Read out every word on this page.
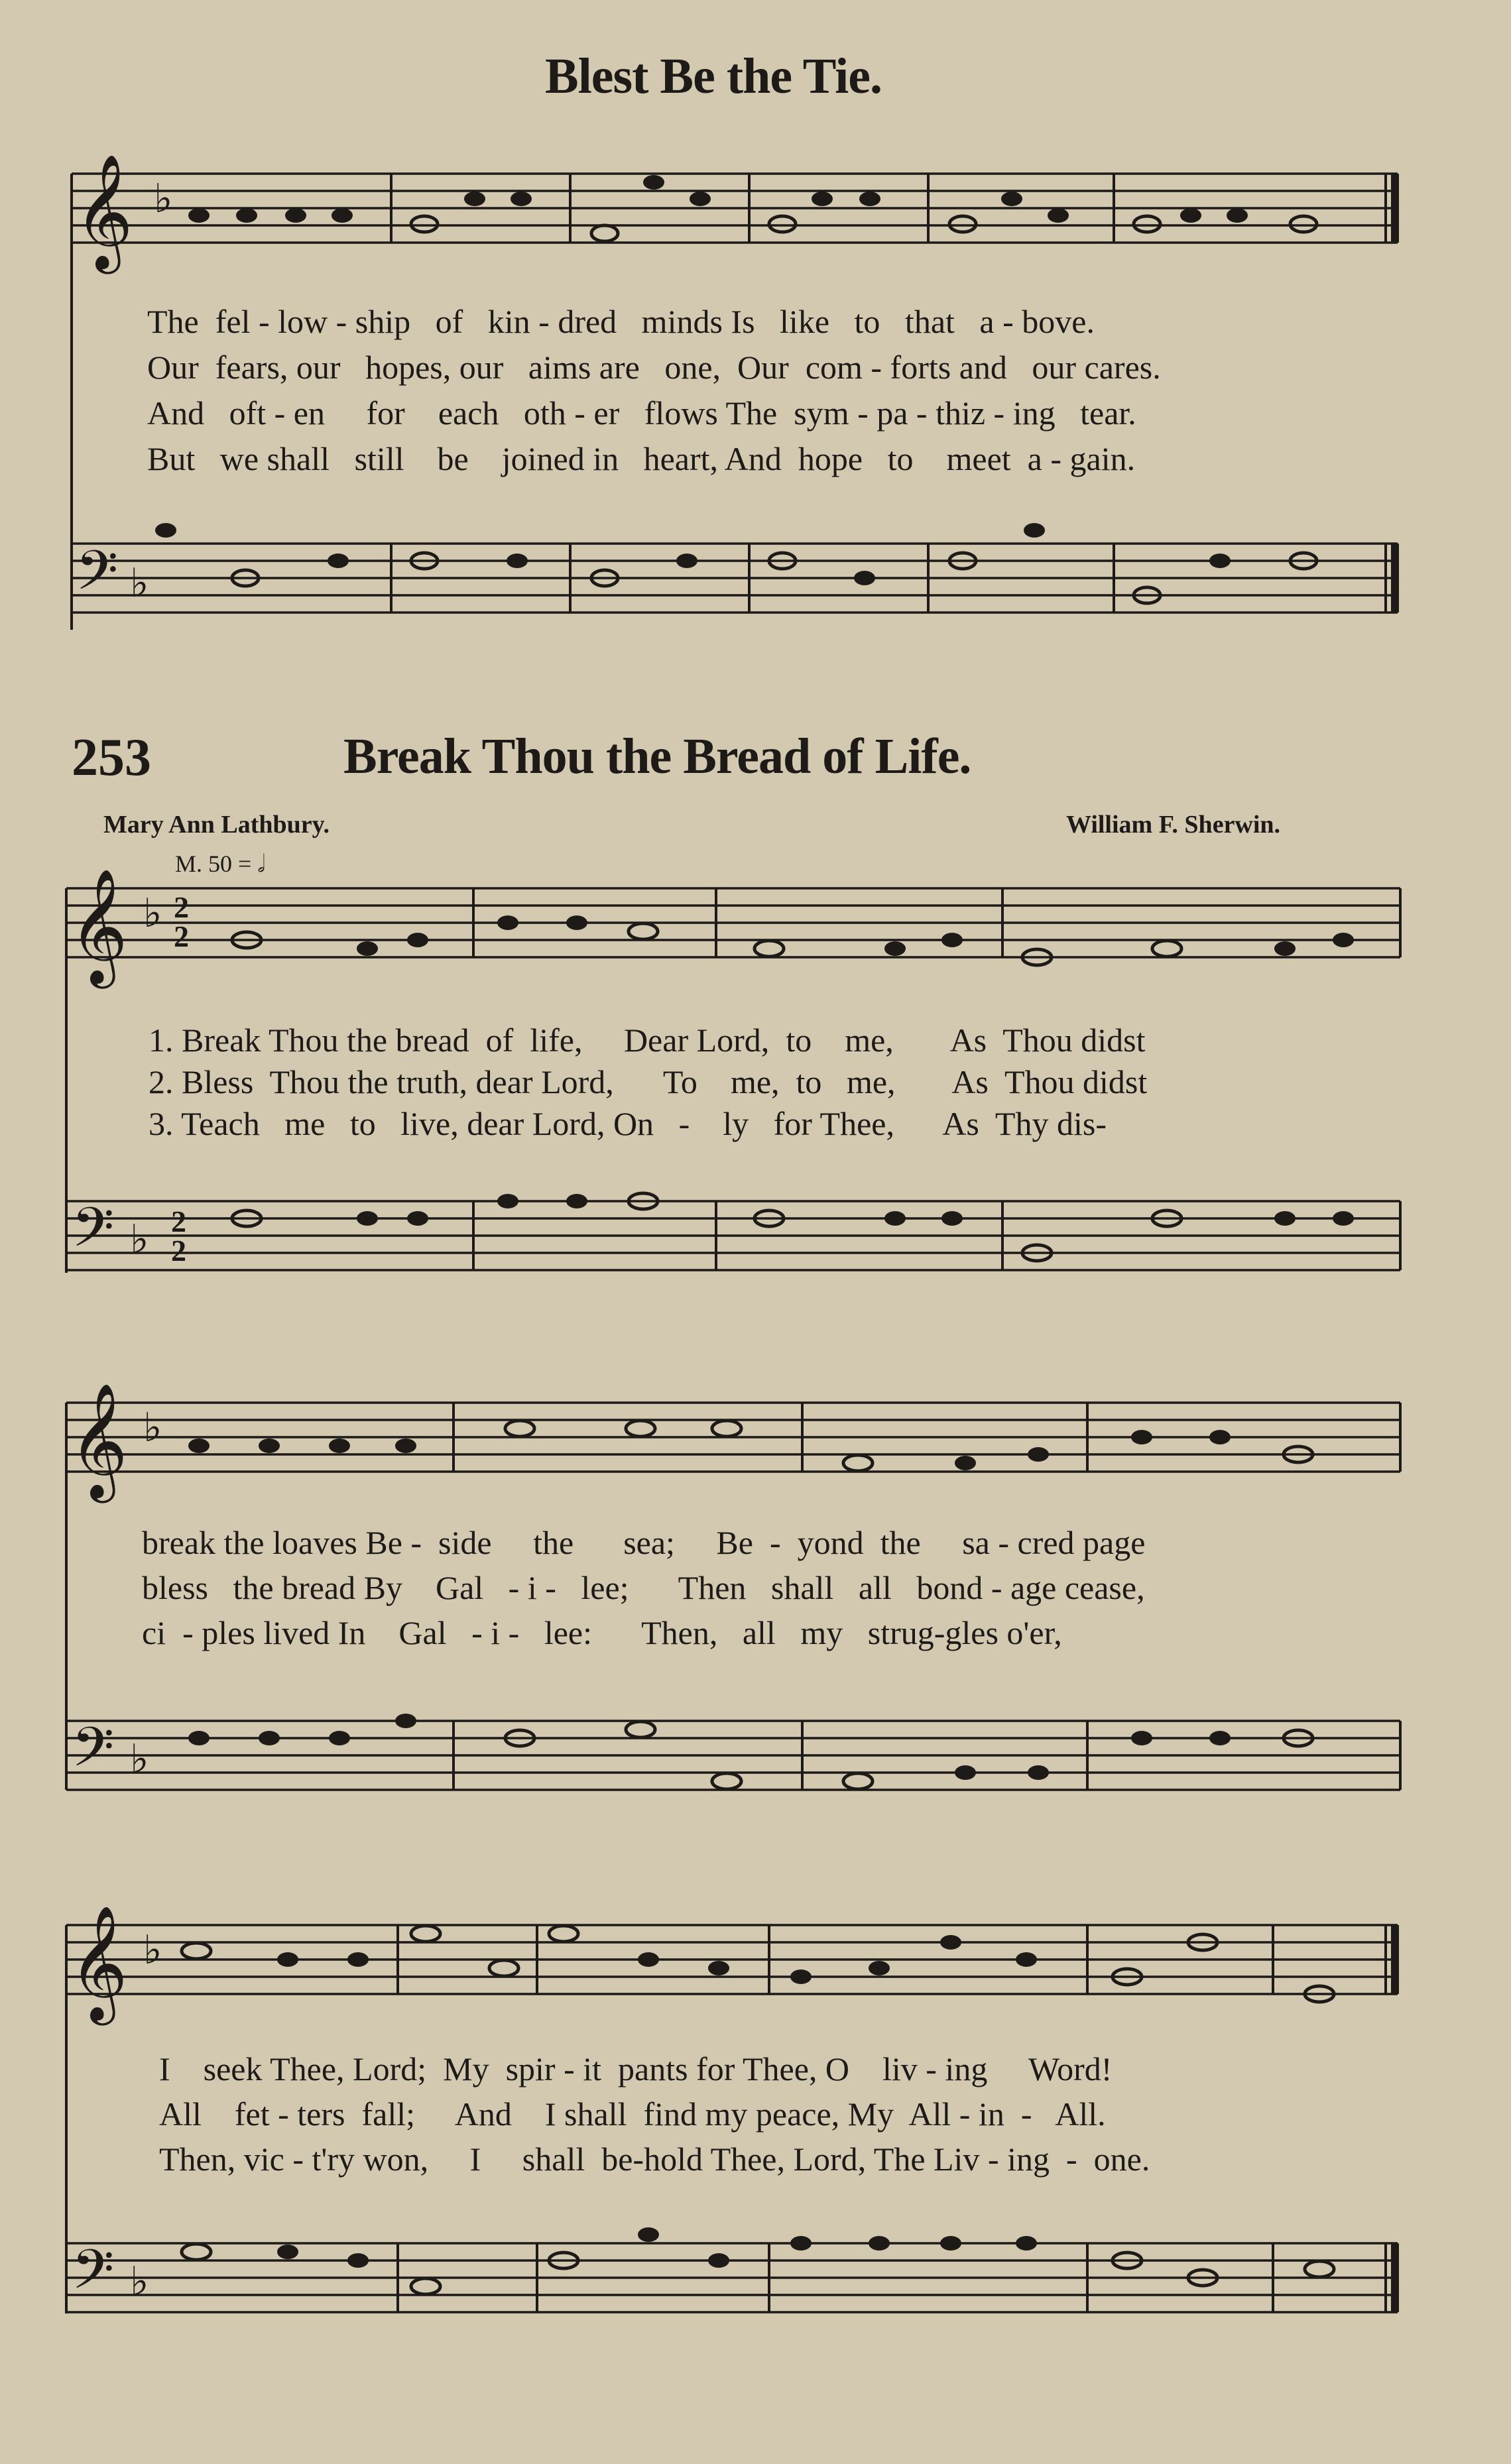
Blest Be the Tie.
𝄞 ♭
The fel - low - ship of kin - dred minds Is like to that a - bove.
Our fears, our hopes, our aims are one, Our com - forts and our cares.
And oft - en for each oth - er flows The sym - pa - thiz - ing tear.
But we shall still be joined in heart, And hope to meet a - gain.
𝄢 ♭
253	Break Thou the Bread of Life.
Mary Ann Lathbury.	William F. Sherwin.
M. 50 = 𝅗𝅥
𝄞 ♭ 2
2
1. Break Thou the bread of life, Dear Lord, to me, As Thou didst
2. Bless Thou the truth, dear Lord, To me, to me, As Thou didst
3. Teach me to live, dear Lord, On - ly for Thee, As Thy dis-
𝄢 ♭ 2
2
𝄞 ♭
break the loaves Be - side the sea; Be - yond the sa - cred page
bless the bread By Gal - i - lee; Then shall all bond - age cease,
ci - ples lived In Gal - i - lee: Then, all my strug-gles o'er,
𝄢 ♭
𝄞 ♭
I seek Thee, Lord; My spir - it pants for Thee, O liv - ing Word!
All fet - ters fall; And I shall find my peace, My All - in - All.
Then, vic - t'ry won, I shall be-hold Thee, Lord, The Liv - ing - one.
𝄢 ♭
